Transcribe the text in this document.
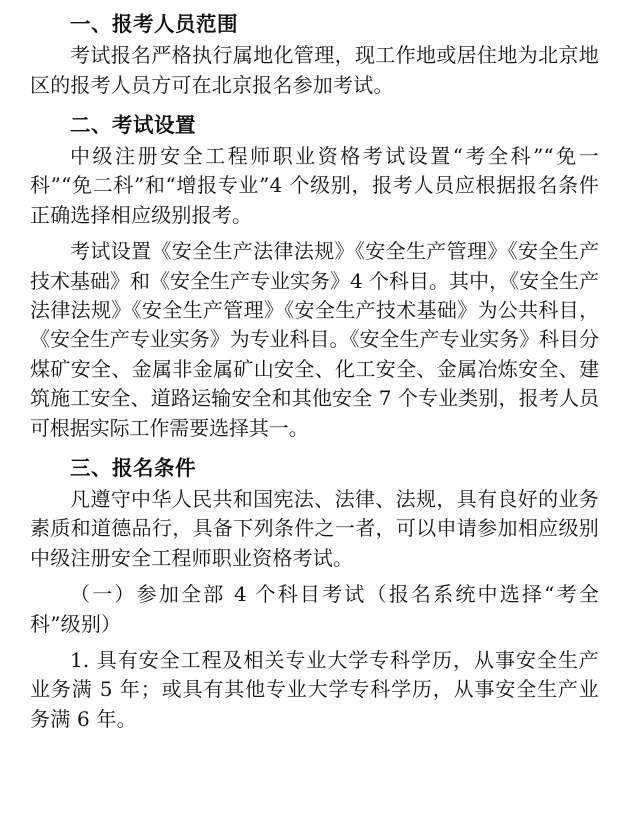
一、报考人员范围

考试报名严格执行属地化管理，现工作地或居住地为北京地区的报考人员方可在北京报名参加考试。

二、考试设置

中级注册安全工程师职业资格考试设置“考全科”“免一科”“免二科”和“增报专业”4 个级别，报考人员应根据报名条件正确选择相应级别报考。

考试设置《安全生产法律法规》《安全生产管理》《安全生产技术基础》和《安全生产专业实务》4 个科目。其中，《安全生产法律法规》《安全生产管理》《安全生产技术基础》为公共科目，《安全生产专业实务》为专业科目。《安全生产专业实务》科目分煤矿安全、金属非金属矿山安全、化工安全、金属冶炼安全、建筑施工安全、道路运输安全和其他安全 7 个专业类别，报考人员可根据实际工作需要选择其一。

三、报名条件

凡遵守中华人民共和国宪法、法律、法规，具有良好的业务素质和道德品行，具备下列条件之一者，可以申请参加相应级别中级注册安全工程师职业资格考试。

（一）参加全部 4 个科目考试（报名系统中选择“考全科”级别）

1. 具有安全工程及相关专业大学专科学历，从事安全生产业务满 5 年；或具有其他专业大学专科学历，从事安全生产业务满 6 年。
